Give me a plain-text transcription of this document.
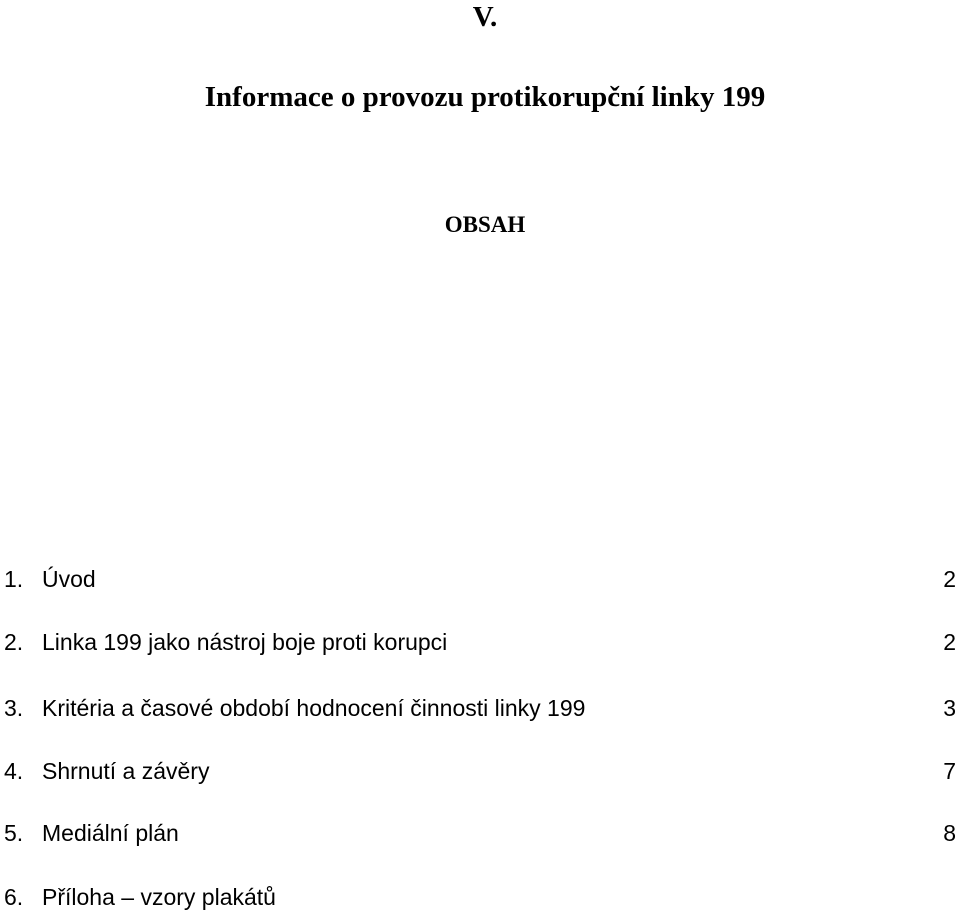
V.
Informace o provozu protikorupční linky 199
OBSAH
1. Úvod	2
2. Linka 199 jako nástroj boje proti korupci	2
3. Kritéria a časové období hodnocení činnosti linky 199	3
4. Shrnutí a závěry	7
5. Mediální plán	8
6. Příloha – vzory plakátů
